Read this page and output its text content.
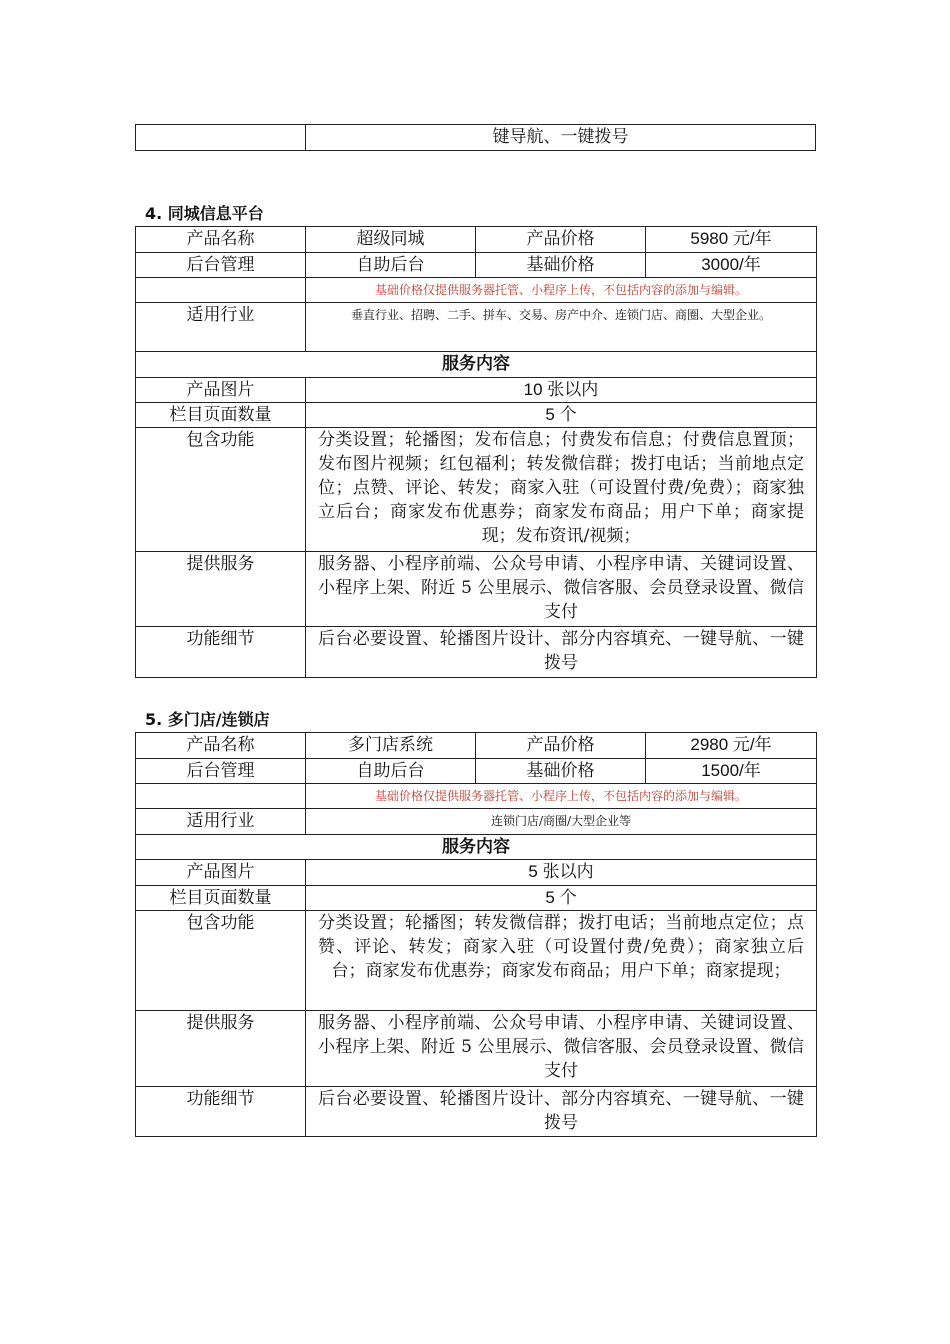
	键导航、一键拨号
4. 同城信息平台
产品名称	超级同城	产品价格	5980 元/年
后台管理	自助后台	基础价格	3000/年
	基础价格仅提供服务器托管、小程序上传，不包括内容的添加与编辑。		
适用行业	垂直行业、招聘、二手、拼车、交易、房产中介、连锁门店、商圈、大型企业。		
服务内容			
产品图片	10 张以内		
栏目页面数量	5 个		
包含功能	分类设置；轮播图；发布信息；付费发布信息；付费信息置顶；发布图片视频；红包福利；转发微信群；拨打电话；当前地点定位；点赞、评论、转发；商家入驻（可设置付费/免费）；商家独立后台；商家发布优惠券；商家发布商品；用户下单；商家提现；发布资讯/视频；		
提供服务	服务器、小程序前端、公众号申请、小程序申请、关键词设置、小程序上架、附近 5 公里展示、微信客服、会员登录设置、微信支付		
功能细节	后台必要设置、轮播图片设计、部分内容填充、一键导航、一键拨号		
5. 多门店/连锁店
产品名称	多门店系统	产品价格	2980 元/年
后台管理	自助后台	基础价格	1500/年
	基础价格仅提供服务器托管、小程序上传，不包括内容的添加与编辑。		
适用行业	连锁门店/商圈/大型企业等		
服务内容			
产品图片	5 张以内		
栏目页面数量	5 个		
包含功能	分类设置；轮播图；转发微信群；拨打电话；当前地点定位；点赞、评论、转发；商家入驻（可设置付费/免费）；商家独立后台；商家发布优惠券；商家发布商品；用户下单；商家提现；		
提供服务	服务器、小程序前端、公众号申请、小程序申请、关键词设置、小程序上架、附近 5 公里展示、微信客服、会员登录设置、微信支付		
功能细节	后台必要设置、轮播图片设计、部分内容填充、一键导航、一键拨号		
